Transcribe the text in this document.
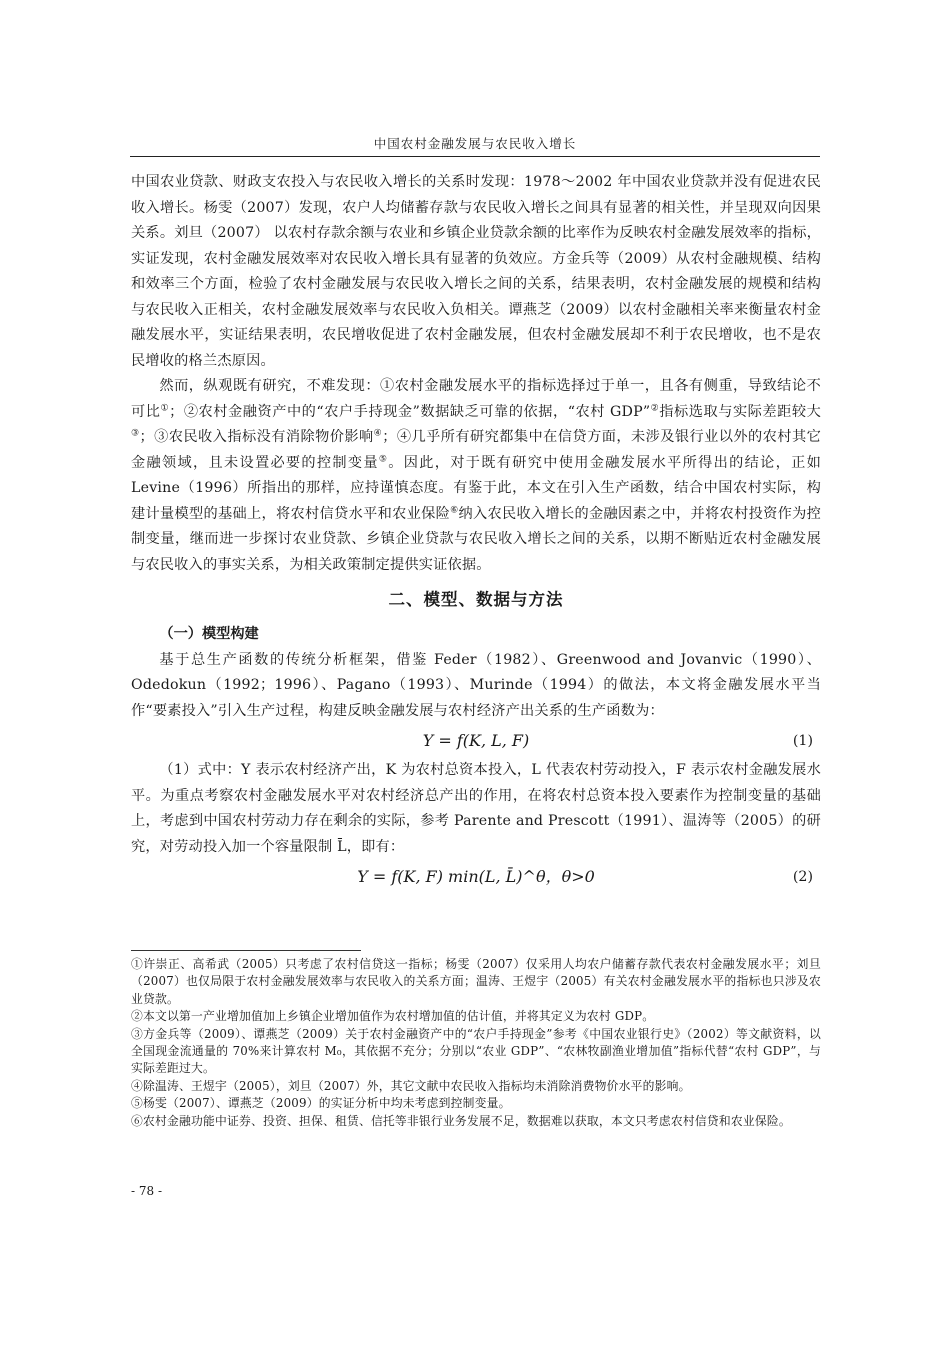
中国农村金融发展与农民收入增长

中国农业贷款、财政支农投入与农民收入增长的关系时发现：1978～2002 年中国农业贷款并没有促进农民收入增长。杨雯（2007）发现，农户人均储蓄存款与农民收入增长之间具有显著的相关性，并呈现双向因果关系。刘旦（2007） 以农村存款余额与农业和乡镇企业贷款余额的比率作为反映农村金融发展效率的指标，实证发现，农村金融发展效率对农民收入增长具有显著的负效应。方金兵等（2009）从农村金融规模、结构和效率三个方面，检验了农村金融发展与农民收入增长之间的关系，结果表明，农村金融发展的规模和结构与农民收入正相关，农村金融发展效率与农民收入负相关。谭燕芝（2009）以农村金融相关率来衡量农村金融发展水平，实证结果表明，农民增收促进了农村金融发展，但农村金融发展却不利于农民增收，也不是农民增收的格兰杰原因。

然而，纵观既有研究，不难发现：①农村金融发展水平的指标选择过于单一，且各有侧重，导致结论不可比①；②农村金融资产中的“农户手持现金”数据缺乏可靠的依据，“农村 GDP”②指标选取与实际差距较大③；③农民收入指标没有消除物价影响④；④几乎所有研究都集中在信贷方面，未涉及银行业以外的农村其它金融领域，且未设置必要的控制变量⑤。因此，对于既有研究中使用金融发展水平所得出的结论，正如 Levine（1996）所指出的那样，应持谨慎态度。有鉴于此，本文在引入生产函数，结合中国农村实际，构建计量模型的基础上，将农村信贷水平和农业保险⑥纳入农民收入增长的金融因素之中，并将农村投资作为控制变量，继而进一步探讨农业贷款、乡镇企业贷款与农民收入增长之间的关系，以期不断贴近农村金融发展与农民收入的事实关系，为相关政策制定提供实证依据。

二、模型、数据与方法
（一）模型构建

基于总生产函数的传统分析框架，借鉴 Feder（1982）、Greenwood and Jovanvic（1990）、Odedokun（1992；1996）、Pagano（1993）、Murinde（1994）的做法，本文将金融发展水平当作“要素投入”引入生产过程，构建反映金融发展与农村经济产出关系的生产函数为：

Y = f(K, L, F)	(1)

（1）式中：Y 表示农村经济产出，K 为农村总资本投入，L 代表农村劳动投入，F 表示农村金融发展水平。为重点考察农村金融发展水平对农村经济总产出的作用，在将农村总资本投入要素作为控制变量的基础上，考虑到中国农村劳动力存在剩余的实际，参考 Parente and Prescott（1991）、温涛等（2005）的研究，对劳动投入加一个容量限制 L̄，即有：

Y = f(K, F) min(L, L̄)^θ，θ>0	(2)

①许崇正、高希武（2005）只考虑了农村信贷这一指标；杨雯（2007）仅采用人均农户储蓄存款代表农村金融发展水平；刘旦（2007）也仅局限于农村金融发展效率与农民收入的关系方面；温涛、王煜宇（2005）有关农村金融发展水平的指标也只涉及农业贷款。

②本文以第一产业增加值加上乡镇企业增加值作为农村增加值的估计值，并将其定义为农村 GDP。

③方金兵等（2009）、谭燕芝（2009）关于农村金融资产中的“农户手持现金”参考《中国农业银行史》（2002）等文献资料，以全国现金流通量的 70%来计算农村 M₀，其依据不充分；分别以“农业 GDP”、“农林牧副渔业增加值”指标代替“农村 GDP”，与实际差距过大。

④除温涛、王煜宇（2005），刘旦（2007）外，其它文献中农民收入指标均未消除消费物价水平的影响。

⑤杨雯（2007）、谭燕芝（2009）的实证分析中均未考虑到控制变量。

⑥农村金融功能中证券、投资、担保、租赁、信托等非银行业务发展不足，数据难以获取，本文只考虑农村信贷和农业保险。

- 78 -
